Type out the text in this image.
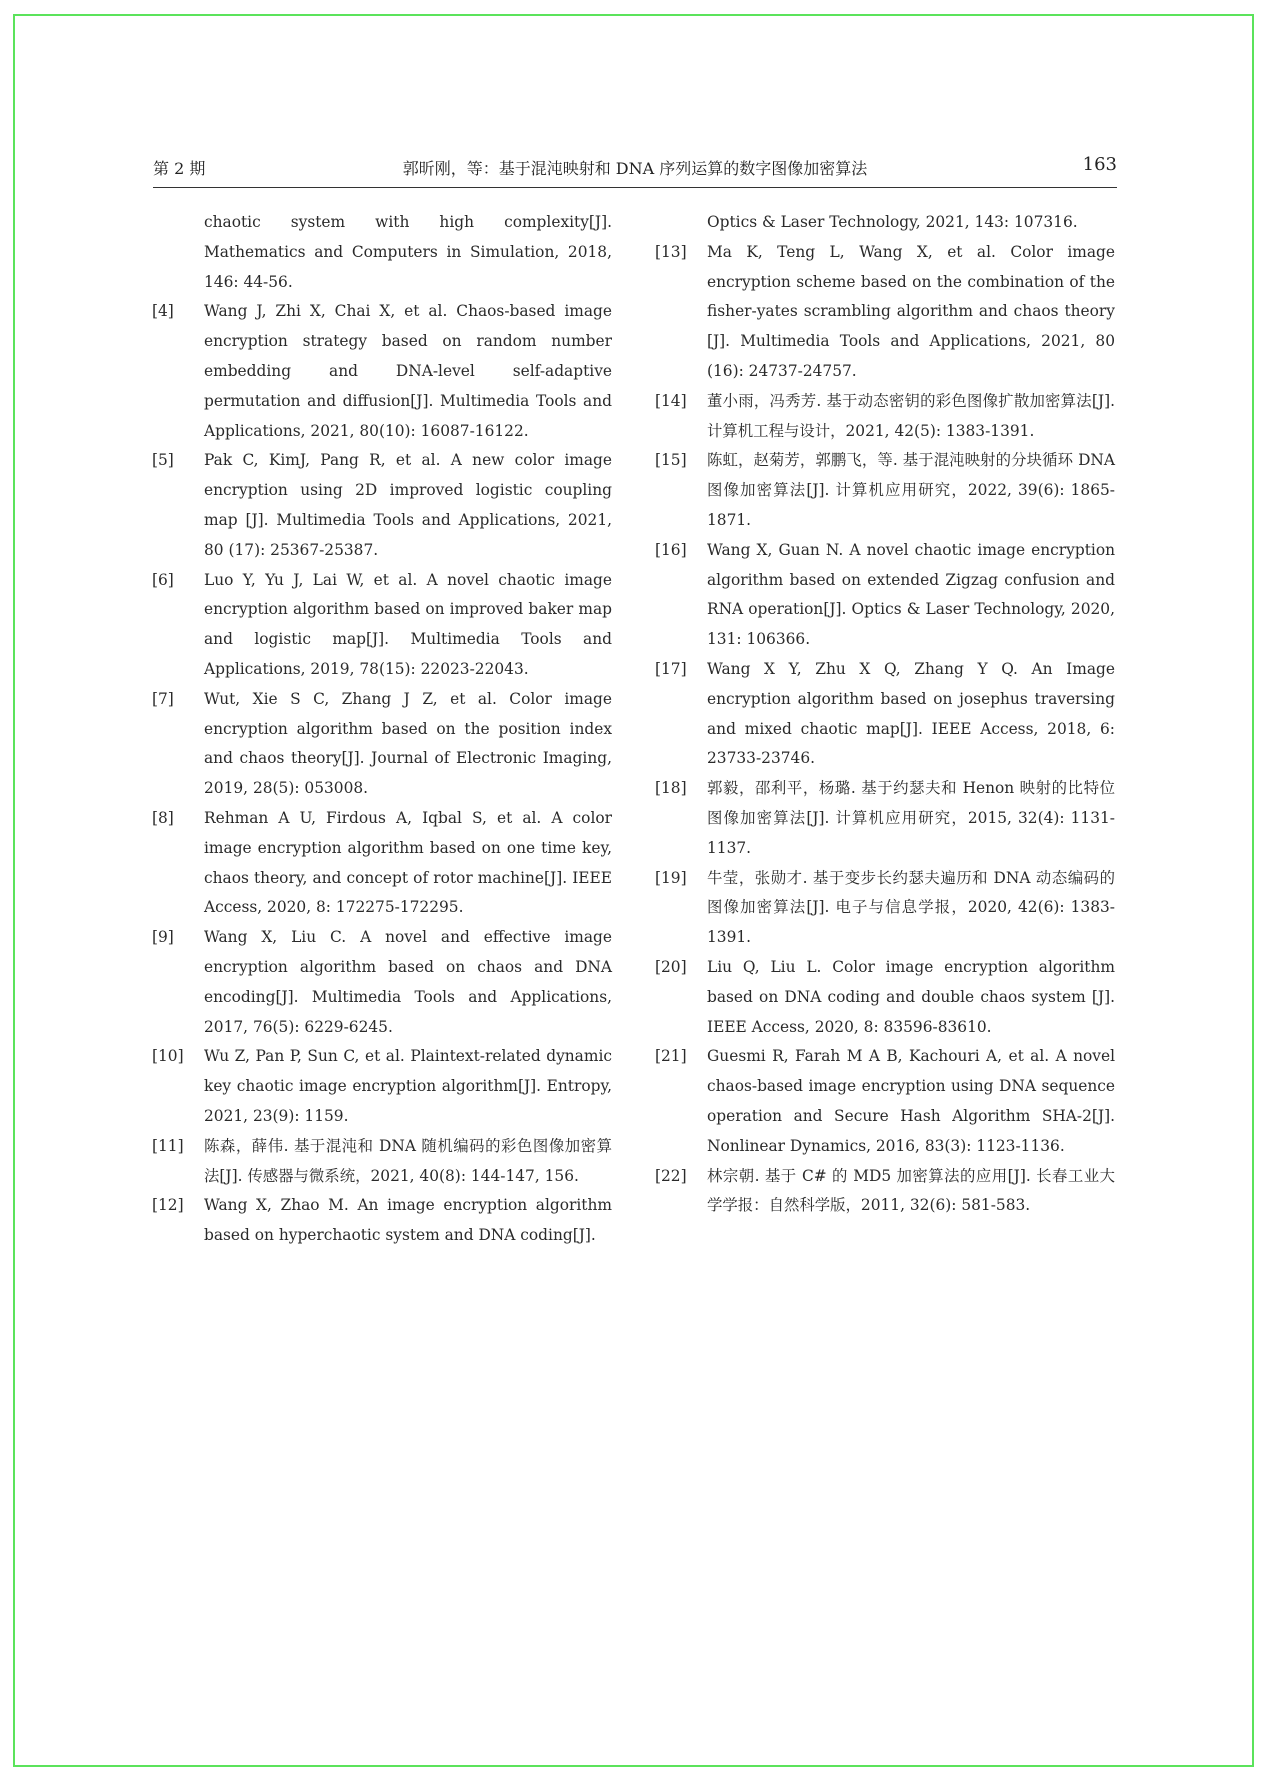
第 2 期	郭昕刚，等：基于混沌映射和 DNA 序列运算的数字图像加密算法	163
chaotic system with high complexity[J]. Mathematics and Computers in Simulation, 2018, 146: 44-56.
[4] Wang J, Zhi X, Chai X, et al. Chaos-based image encryption strategy based on random number embedding and DNA-level self-adaptive permutation and diffusion[J]. Multimedia Tools and Applications, 2021, 80(10): 16087-16122.
[5] Pak C, KimJ, Pang R, et al. A new color image encryption using 2D improved logistic coupling map [J]. Multimedia Tools and Applications, 2021, 80 (17): 25367-25387.
[6] Luo Y, Yu J, Lai W, et al. A novel chaotic image encryption algorithm based on improved baker map and logistic map[J]. Multimedia Tools and Applications, 2019, 78(15): 22023-22043.
[7] Wut, Xie S C, Zhang J Z, et al. Color image encryption algorithm based on the position index and chaos theory[J]. Journal of Electronic Imaging, 2019, 28(5): 053008.
[8] Rehman A U, Firdous A, Iqbal S, et al. A color image encryption algorithm based on one time key, chaos theory, and concept of rotor machine[J]. IEEE Access, 2020, 8: 172275-172295.
[9] Wang X, Liu C. A novel and effective image encryption algorithm based on chaos and DNA encoding[J]. Multimedia Tools and Applications, 2017, 76(5): 6229-6245.
[10] Wu Z, Pan P, Sun C, et al. Plaintext-related dynamic key chaotic image encryption algorithm[J]. Entropy, 2021, 23(9): 1159.
[11] 陈森，薛伟. 基于混沌和 DNA 随机编码的彩色图像加密算法[J]. 传感器与微系统，2021, 40(8): 144-147, 156.
[12] Wang X, Zhao M. An image encryption algorithm based on hyperchaotic system and DNA coding[J].
Optics & Laser Technology, 2021, 143: 107316.
[13] Ma K, Teng L, Wang X, et al. Color image encryption scheme based on the combination of the fisher-yates scrambling algorithm and chaos theory [J]. Multimedia Tools and Applications, 2021, 80 (16): 24737-24757.
[14] 董小雨，冯秀芳. 基于动态密钥的彩色图像扩散加密算法[J]. 计算机工程与设计，2021, 42(5): 1383-1391.
[15] 陈虹，赵菊芳，郭鹏飞，等. 基于混沌映射的分块循环 DNA 图像加密算法[J]. 计算机应用研究，2022, 39(6): 1865-1871.
[16] Wang X, Guan N. A novel chaotic image encryption algorithm based on extended Zigzag confusion and RNA operation[J]. Optics & Laser Technology, 2020, 131: 106366.
[17] Wang X Y, Zhu X Q, Zhang Y Q. An Image encryption algorithm based on josephus traversing and mixed chaotic map[J]. IEEE Access, 2018, 6: 23733-23746.
[18] 郭毅，邵利平，杨璐. 基于约瑟夫和 Henon 映射的比特位图像加密算法[J]. 计算机应用研究，2015, 32(4): 1131-1137.
[19] 牛莹，张勋才. 基于变步长约瑟夫遍历和 DNA 动态编码的图像加密算法[J]. 电子与信息学报，2020, 42(6): 1383-1391.
[20] Liu Q, Liu L. Color image encryption algorithm based on DNA coding and double chaos system [J]. IEEE Access, 2020, 8: 83596-83610.
[21] Guesmi R, Farah M A B, Kachouri A, et al. A novel chaos-based image encryption using DNA sequence operation and Secure Hash Algorithm SHA-2[J]. Nonlinear Dynamics, 2016, 83(3): 1123-1136.
[22] 林宗朝. 基于 C# 的 MD5 加密算法的应用[J]. 长春工业大学学报：自然科学版，2011, 32(6): 581-583.
